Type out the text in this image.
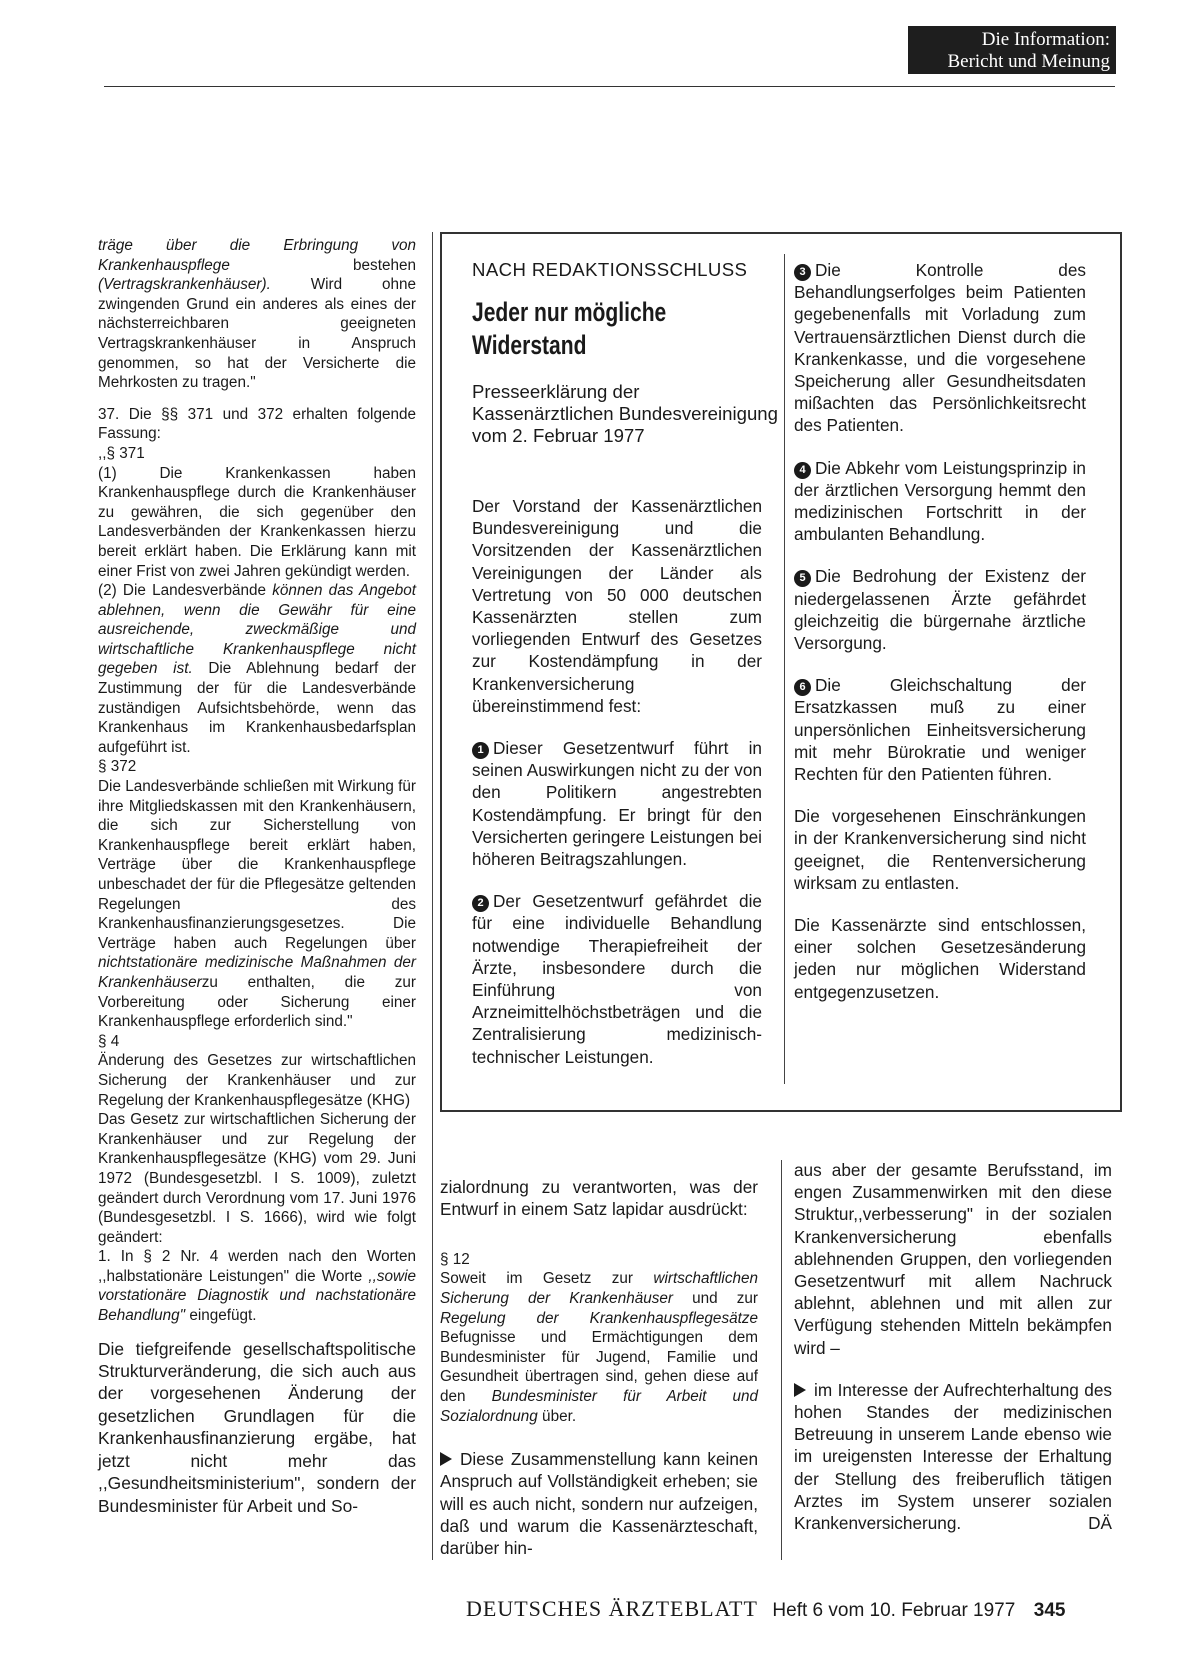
Die Information:
Bericht und Meinung

träge über die Erbringung von Krankenhauspflege bestehen (Vertragskrankenhäuser). Wird ohne zwingenden Grund ein anderes als eines der nächsterreichbaren geeigneten Vertragskrankenhäuser in Anspruch genommen, so hat der Versicherte die Mehrkosten zu tragen."

37. Die §§ 371 und 372 erhalten folgende Fassung:

,,§ 371

(1) Die Krankenkassen haben Krankenhauspflege durch die Krankenhäuser zu gewähren, die sich gegenüber den Landesverbänden der Krankenkassen hierzu bereit erklärt haben. Die Erklärung kann mit einer Frist von zwei Jahren gekündigt werden.

(2) Die Landesverbände können das Angebot ablehnen, wenn die Gewähr für eine ausreichende, zweckmäßige und wirtschaftliche Krankenhauspflege nicht gegeben ist. Die Ablehnung bedarf der Zustimmung der für die Landesverbände zuständigen Aufsichtsbehörde, wenn das Krankenhaus im Krankenhausbedarfsplan aufgeführt ist.

§ 372

Die Landesverbände schließen mit Wirkung für ihre Mitgliedskassen mit den Krankenhäusern, die sich zur Sicherstellung von Krankenhauspflege bereit erklärt haben, Verträge über die Krankenhauspflege unbeschadet der für die Pflegesätze geltenden Regelungen des Krankenhausfinanzierungsgesetzes. Die Verträge haben auch Regelungen über nichtstationäre medizinische Maßnahmen der Krankenhäuserzu enthalten, die zur Vorbereitung oder Sicherung einer Krankenhauspflege erforderlich sind."

§ 4

Änderung des Gesetzes zur wirtschaftlichen Sicherung der Krankenhäuser und zur Regelung der Krankenhauspflegesätze (KHG)

Das Gesetz zur wirtschaftlichen Sicherung der Krankenhäuser und zur Regelung der Krankenhauspflegesätze (KHG) vom 29. Juni 1972 (Bundesgesetzbl. I S. 1009), zuletzt geändert durch Verordnung vom 17. Juni 1976 (Bundesgesetzbl. I S. 1666), wird wie folgt geändert:

1. In § 2 Nr. 4 werden nach den Worten ,,halbstationäre Leistungen" die Worte ,,sowie vorstationäre Diagnostik und nachstationäre Behandlung" eingefügt.

Die tiefgreifende gesellschaftspolitische Strukturveränderung, die sich auch aus der vorgesehenen Änderung der gesetzlichen Grundlagen für die Krankenhausfinanzierung ergäbe, hat jetzt nicht mehr das ,,Gesundheitsministerium", sondern der Bundesminister für Arbeit und So-

NACH REDAKTIONSSCHLUSS
Jeder nur mögliche Widerstand
Presseerklärung der Kassenärztlichen Bundesvereinigung vom 2. Februar 1977

Der Vorstand der Kassenärztlichen Bundesvereinigung und die Vorsitzenden der Kassenärztlichen Vereinigungen der Länder als Vertretung von 50 000 deutschen Kassenärzten stellen zum vorliegenden Entwurf des Gesetzes zur Kostendämpfung in der Krankenversicherung übereinstimmend fest:

1 Dieser Gesetzentwurf führt in seinen Auswirkungen nicht zu der von den Politikern angestrebten Kostendämpfung. Er bringt für den Versicherten geringere Leistungen bei höheren Beitragszahlungen.

2 Der Gesetzentwurf gefährdet die für eine individuelle Behandlung notwendige Therapiefreiheit der Ärzte, insbesondere durch die Einführung von Arzneimittelhöchstbeträgen und die Zentralisierung medizinisch-technischer Leistungen.

3 Die Kontrolle des Behandlungserfolges beim Patienten gegebenenfalls mit Vorladung zum Vertrauensärztlichen Dienst durch die Krankenkasse, und die vorgesehene Speicherung aller Gesundheitsdaten mißachten das Persönlichkeitsrecht des Patienten.

4 Die Abkehr vom Leistungsprinzip in der ärztlichen Versorgung hemmt den medizinischen Fortschritt in der ambulanten Behandlung.

5 Die Bedrohung der Existenz der niedergelassenen Ärzte gefährdet gleichzeitig die bürgernahe ärztliche Versorgung.

6 Die Gleichschaltung der Ersatzkassen muß zu einer unpersönlichen Einheitsversicherung mit mehr Bürokratie und weniger Rechten für den Patienten führen.

Die vorgesehenen Einschränkungen in der Krankenversicherung sind nicht geeignet, die Rentenversicherung wirksam zu entlasten.

Die Kassenärzte sind entschlossen, einer solchen Gesetzesänderung jeden nur möglichen Widerstand entgegenzusetzen.

zialordnung zu verantworten, was der Entwurf in einem Satz lapidar ausdrückt:

§ 12

Soweit im Gesetz zur wirtschaftlichen Sicherung der Krankenhäuser und zur Regelung der Krankenhauspflegesätze Befugnisse und Ermächtigungen dem Bundesminister für Jugend, Familie und Gesundheit übertragen sind, gehen diese auf den Bundesminister für Arbeit und Sozialordnung über.

Diese Zusammenstellung kann keinen Anspruch auf Vollständigkeit erheben; sie will es auch nicht, sondern nur aufzeigen, daß und warum die Kassenärzteschaft, darüber hin-

aus aber der gesamte Berufsstand, im engen Zusammenwirken mit den diese Struktur,,verbesserung" in der sozialen Krankenversicherung ebenfalls ablehnenden Gruppen, den vorliegenden Gesetzentwurf mit allem Nachruck ablehnt, ablehnen und mit allen zur Verfügung stehenden Mitteln bekämpfen wird –

im Interesse der Aufrechterhaltung des hohen Standes der medizinischen Betreuung in unserem Lande ebenso wie im ureigensten Interesse der Erhaltung der Stellung des freiberuflich tätigen Arztes im System unserer sozialen Krankenversicherung.	DÄ

DEUTSCHES ÄRZTEBLATT Heft 6 vom 10. Februar 1977 345
